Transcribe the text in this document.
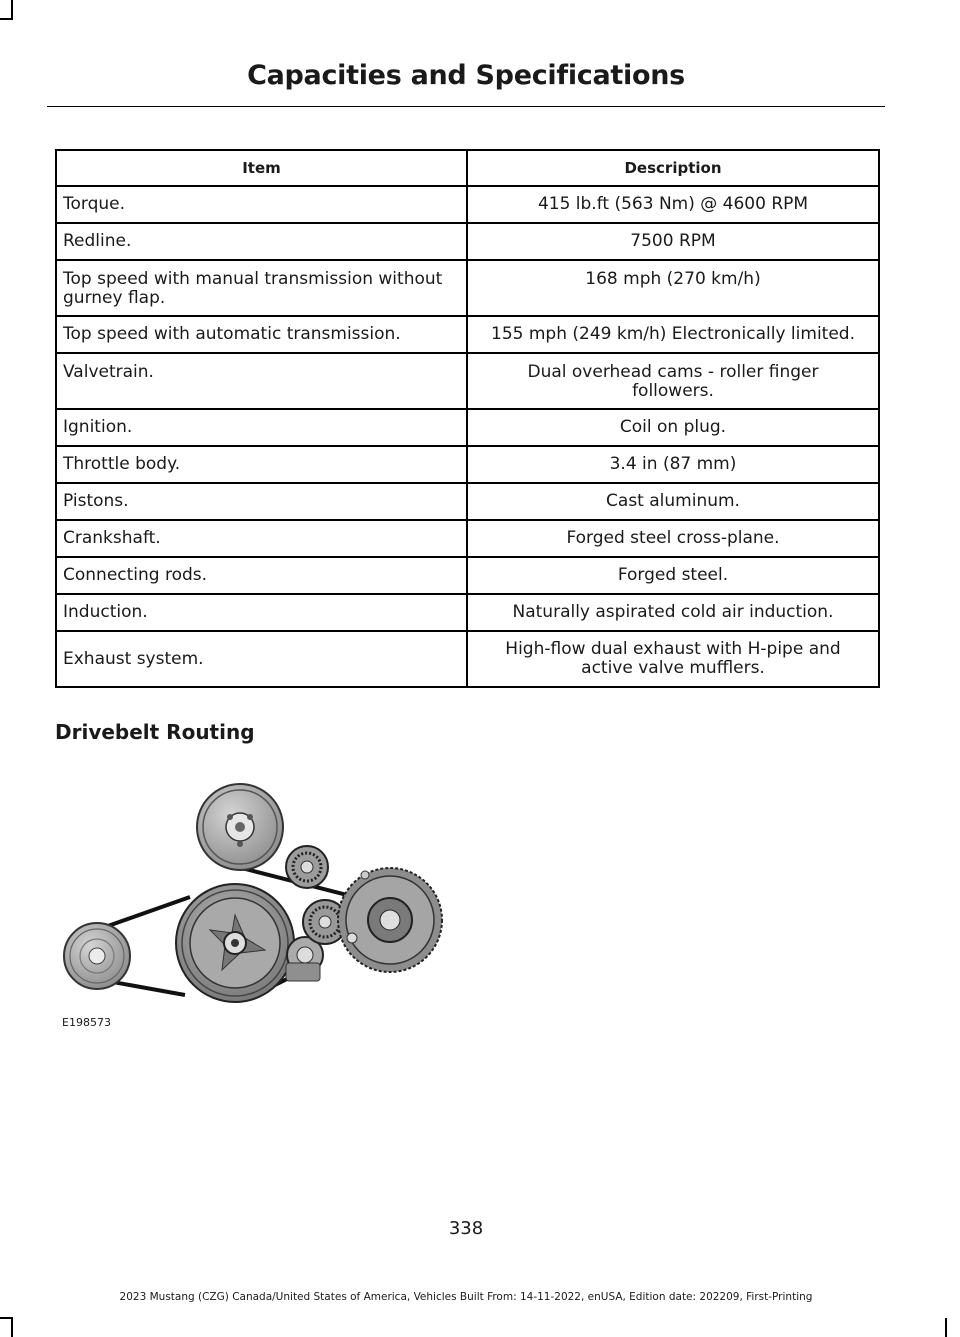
Capacities and Specifications
Item	Description
Torque.	415 lb.ft (563 Nm) @ 4600 RPM
Redline.	7500 RPM
Top speed with manual transmission without gurney flap.	168 mph (270 km/h)
Top speed with automatic transmission.	155 mph (249 km/h) Electronically limited.
Valvetrain.	Dual overhead cams - roller finger followers.
Ignition.	Coil on plug.
Throttle body.	3.4 in (87 mm)
Pistons.	Cast aluminum.
Crankshaft.	Forged steel cross-plane.
Connecting rods.	Forged steel.
Induction.	Naturally aspirated cold air induction.
Exhaust system.	High-flow dual exhaust with H-pipe and active valve mufflers.
Drivebelt Routing
E198573
338
2023 Mustang (CZG) Canada/United States of America, Vehicles Built From: 14-11-2022, enUSA, Edition date: 202209, First-Printing
